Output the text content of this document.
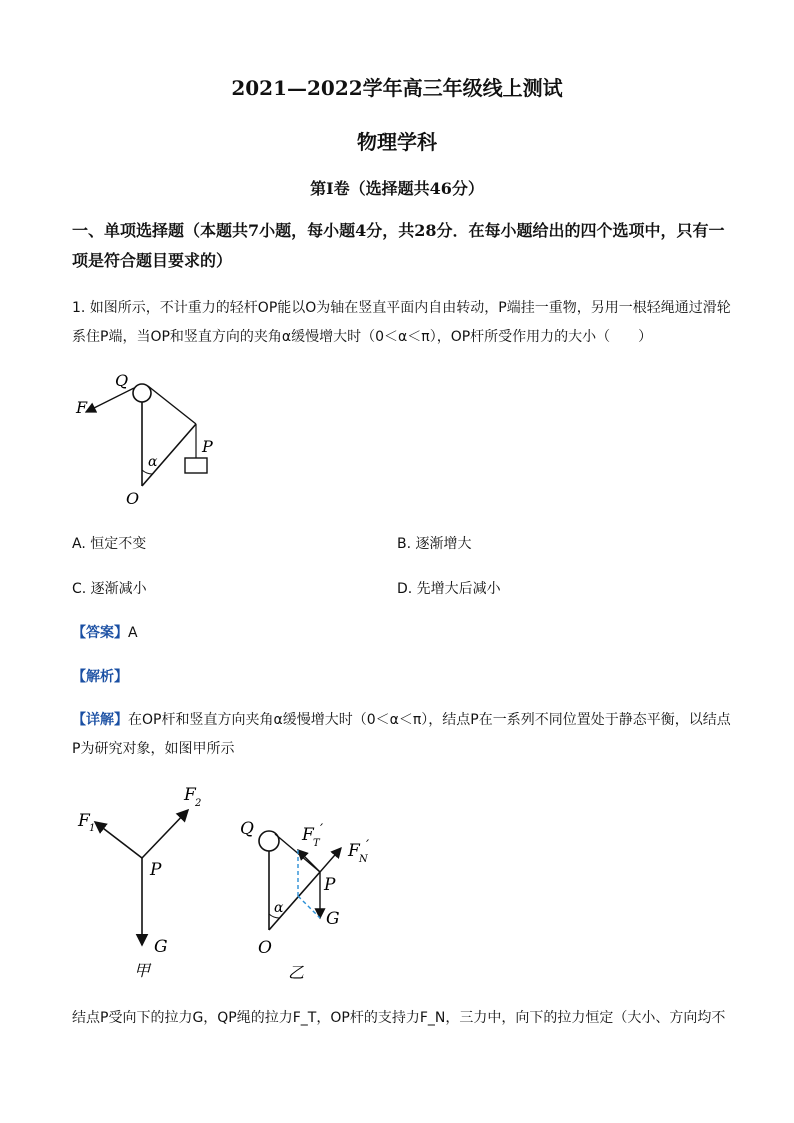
2021—2022学年高三年级线上测试
物理学科
第Ⅰ卷（选择题共46分）
一、单项选择题（本题共7小题，每小题4分，共28分．在每小题给出的四个选项中，只有一项是符合题目要求的）
1. 如图所示，不计重力的轻杆OP能以O为轴在竖直平面内自由转动，P端挂一重物，另用一根轻绳通过滑轮系住P端，当OP和竖直方向的夹角α缓慢增大时（0＜α＜π），OP杆所受作用力的大小（　　）
Q
F
P
α
O
A. 恒定不变	B. 逐渐增大
C. 逐渐减小	D. 先增大后减小
【答案】A
【解析】
【详解】在OP杆和竖直方向夹角α缓慢增大时（0＜α＜π），结点P在一系列不同位置处于静态平衡，以结点P为研究对象，如图甲所示
F 1
F 2
P
G
甲
Q	F T
′
F N
′
P
α
G
O
乙
结点P受向下的拉力G，QP绳的拉力F_T，OP杆的支持力F_N，三力中，向下的拉力恒定（大小、方向均不
